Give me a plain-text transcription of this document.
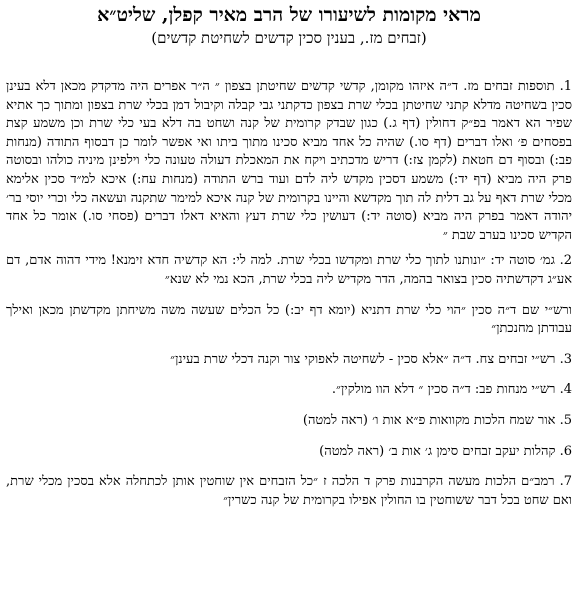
מראי מקומות לשיעורו של הרב מאיר קפלן, שליט״א
(זבחים מז., בענין סכין קדשים לשחיטת קדשים)

1. תוספות זבחים מז. ד״ה איזהו מקומן, קדשי קדשים שחיטתן בצפון ״ ה״ר אפרים היה מדקדק מכאן דלא בעינן סכין בשחיטה מדלא קתני שחיטתן בכלי שרת בצפון כדקתני גבי קבלה וקיבול דמן בכלי שרת בצפון ומתוך כך אתיא שפיר הא דאמר בפ״ק דחולין (דף ג.) כגון שבדק קרומית של קנה ושחט בה דלא בעי כלי שרת וכן משמע קצת בפסחים פ׳ ואלו דברים (דף סו.) שהיה כל אחד מביא סכינו מתוך ביתו ואי אפשר לומר כן דבסוף התודה (מנחות פב:) ובסוף דם חטאת (לקמן צז:) דריש מדכתיב ויקח את המאכלת דעולה טעונה כלי וילפינן מיניה כולהו ובסוטה פרק היה מביא (דף יד:) משמע דסכין מקדש ליה לדם ועוד ברש התודה (מנחות עח:) איכא למ״ד סכין אלימא מכלי שרת דאף על גב דלית לה תוך מקדשא והיינו בקרומית של קנה איכא למימר שתקנה ועשאה כלי וכרי יוסי בר׳ יהודה דאמר בפרק היה מביא (סוטה יד:) דעושין כלי שרת דעץ והאיא דאלו דברים (פסחי סו.) אומר כל אחד הקדיש סכינו בערב שבת ״

2. גמ׳ סוטה יד: ״ונותנו לתוך כלי שרת ומקדשו בכלי שרת. למה לי: הא קדשיה חדא זימנא! מידי דהוה אדם, דם אע״ג דקדשתיה סכין בצואר בהמה, הדר מקדיש ליה בכלי שרת, הכא נמי לא שנא״

ורש״י שם ד״ה סכין ״הוי כלי שרת דתניא (יומא דף יב:) כל הכלים שעשה משה משיחתן מקדשתן מכאן ואילך עבודתן מחנכתן״

3. רש״י זבחים צח. ד״ה ״אלא סכין - לשחיטה לאפוקי צור וקנה דכלי שרת בעינן״

4. רש״י מנחות פב: ד״ה סכין ״ דלא הוו מולקין״.

5. אור שמח הלכות מקוואות פ״א אות ו׳ (ראה למטה)

6. קהלות יעקב זבחים סימן ג׳ אות ב׳ (ראה למטה)

7. רמב״ם הלכות מעשה הקרבנות פרק ד הלכה ז ״כל הזבחים אין שוחטין אותן לכתחלה אלא בסכין מכלי שרת, ואם שחט בכל דבר ששוחטין בו החולין אפילו בקרומית של קנה כשרין״
